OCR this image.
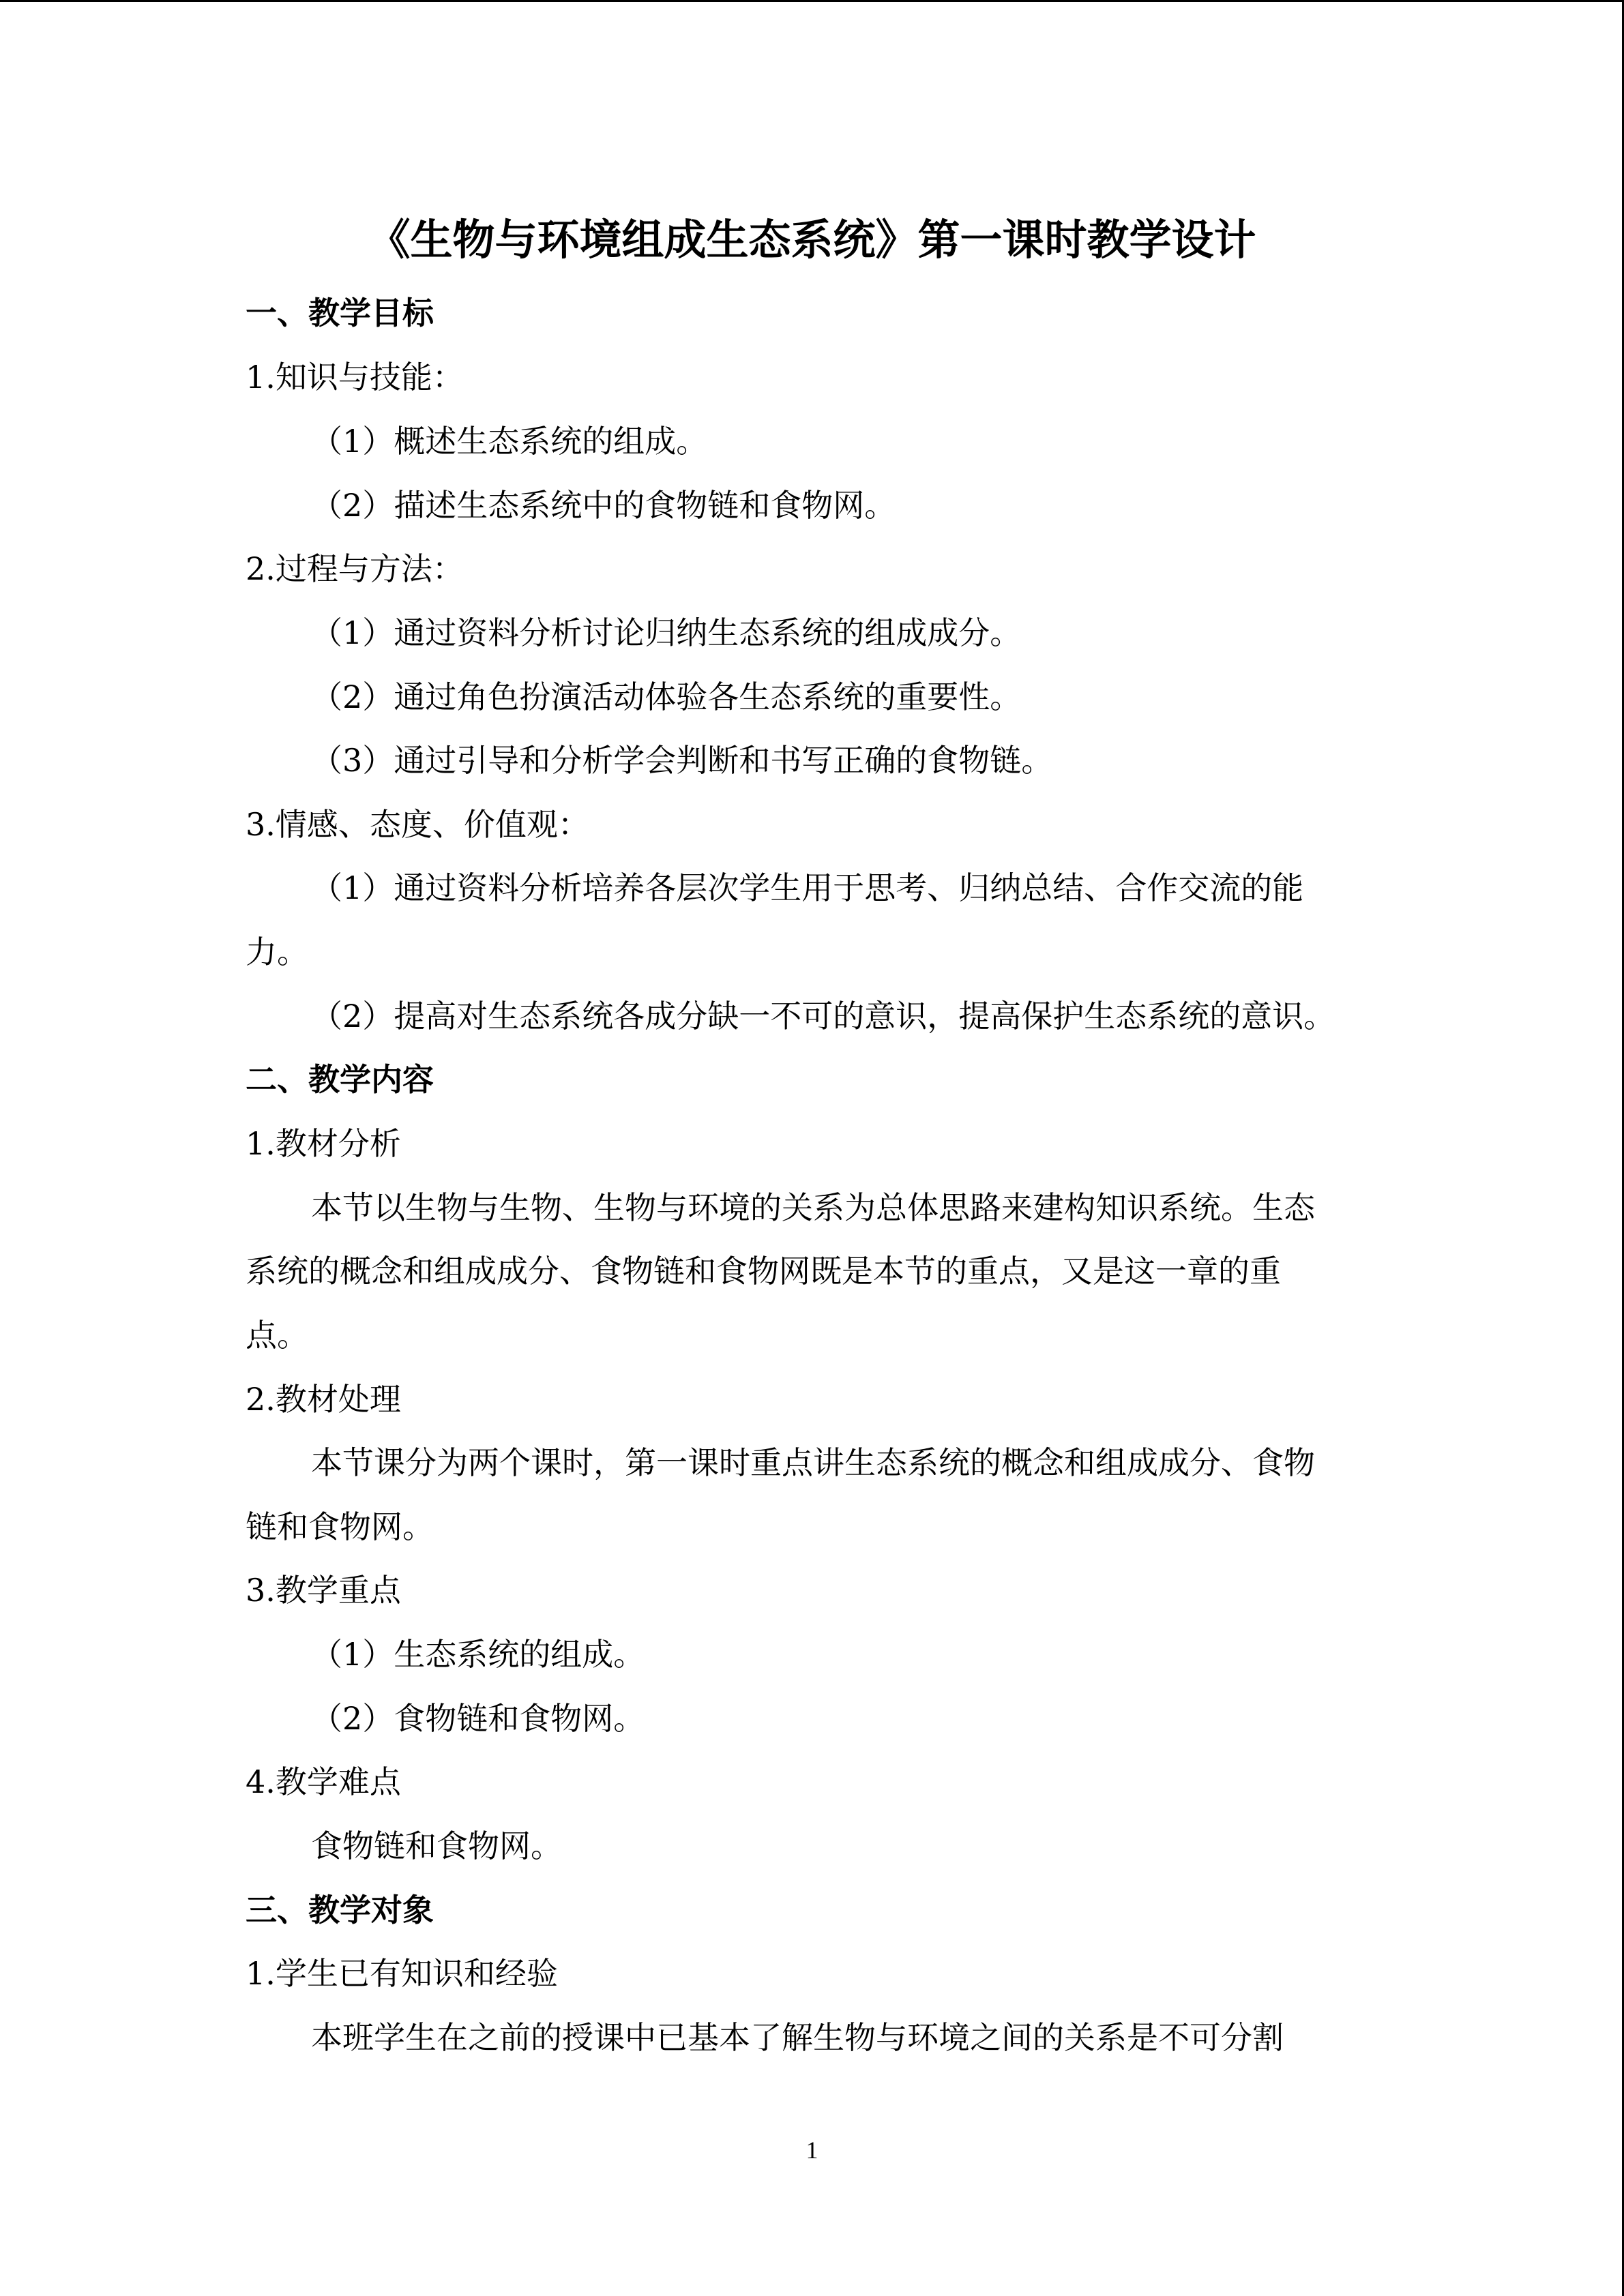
《生物与环境组成生态系统》第一课时教学设计
一、教学目标
1.知识与技能：
（1）概述生态系统的组成。
（2）描述生态系统中的食物链和食物网。
2.过程与方法：
（1）通过资料分析讨论归纳生态系统的组成成分。
（2）通过角色扮演活动体验各生态系统的重要性。
（3）通过引导和分析学会判断和书写正确的食物链。
3.情感、态度、价值观：
（1）通过资料分析培养各层次学生用于思考、归纳总结、合作交流的能
力。
（2）提高对生态系统各成分缺一不可的意识，提高保护生态系统的意识。
二、教学内容
1.教材分析
本节以生物与生物、生物与环境的关系为总体思路来建构知识系统。生态
系统的概念和组成成分、食物链和食物网既是本节的重点，又是这一章的重
点。
2.教材处理
本节课分为两个课时，第一课时重点讲生态系统的概念和组成成分、食物
链和食物网。
3.教学重点
（1）生态系统的组成。
（2）食物链和食物网。
4.教学难点
食物链和食物网。
三、教学对象
1.学生已有知识和经验
本班学生在之前的授课中已基本了解生物与环境之间的关系是不可分割
1
